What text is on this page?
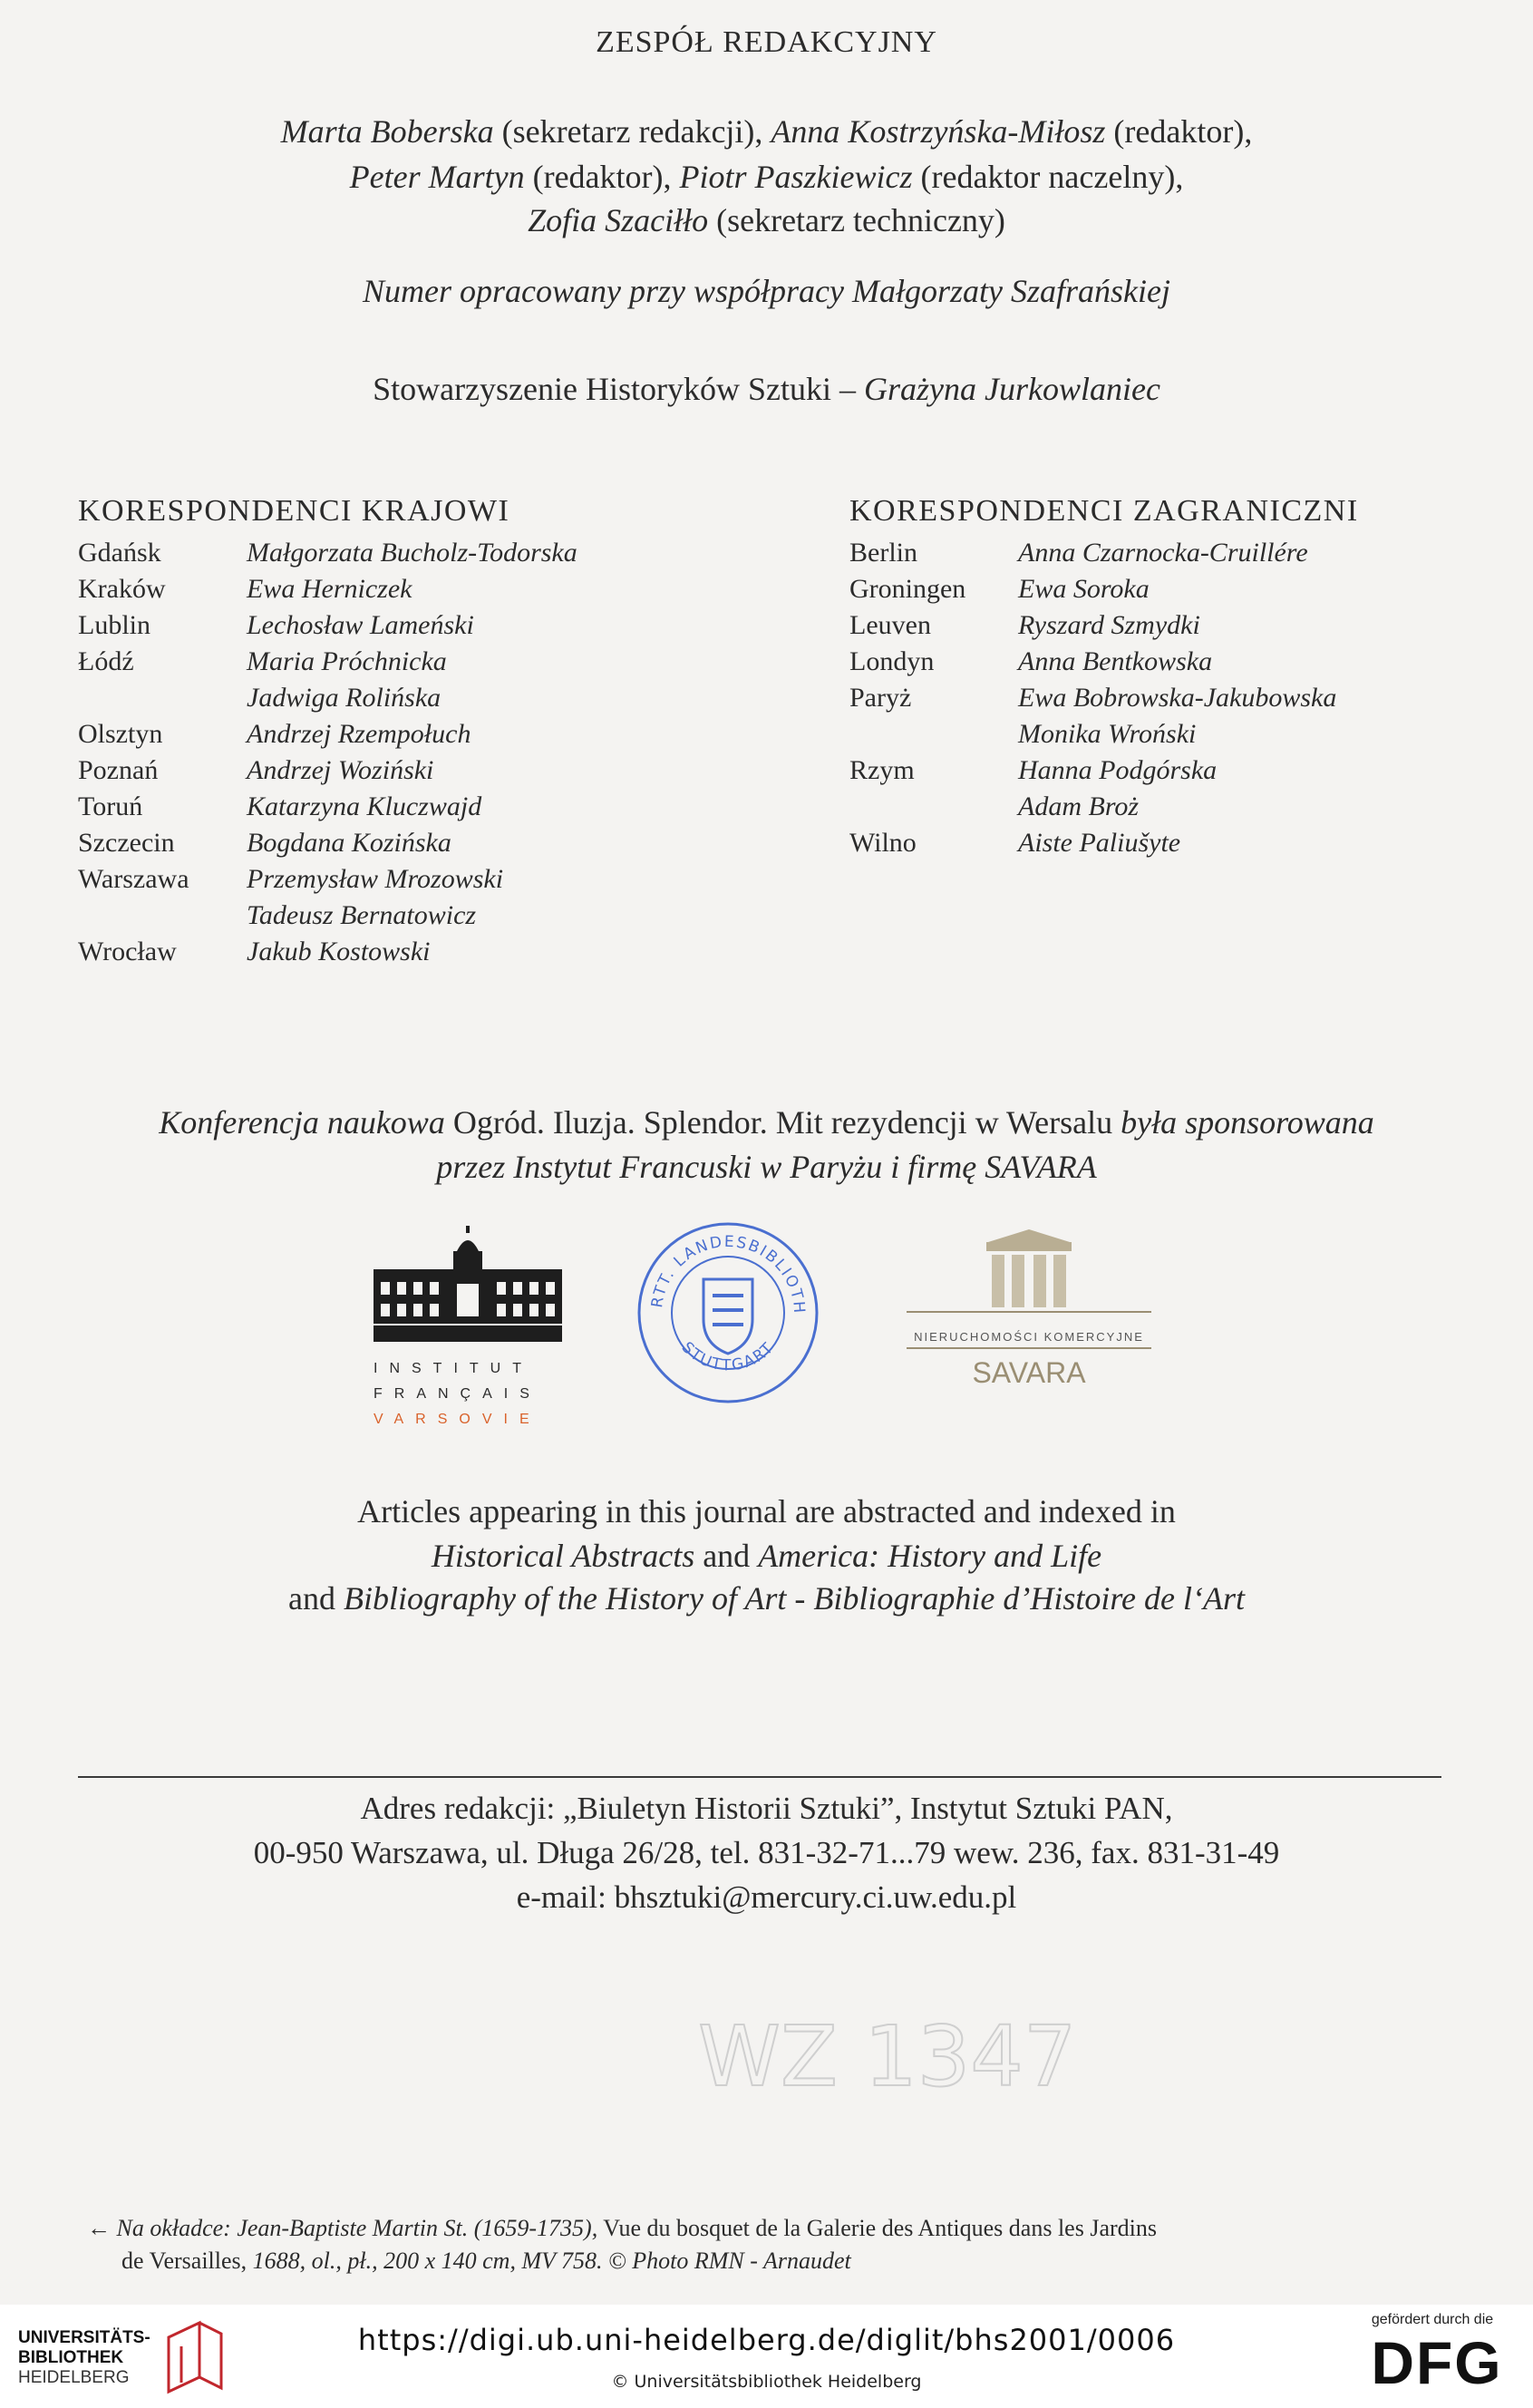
ZESPÓŁ REDAKCYJNY
Marta Boberska (sekretarz redakcji), Anna Kostrzyńska-Miłosz (redaktor),
Peter Martyn (redaktor), Piotr Paszkiewicz (redaktor naczelny),
Zofia Szaciłło (sekretarz techniczny)
Numer opracowany przy współpracy Małgorzaty Szafrańskiej
Stowarzyszenie Historyków Sztuki – Grażyna Jurkowlaniec
KORESPONDENCI KRAJOWI
Gdańsk	Małgorzata Bucholz-Todorska
Kraków	Ewa Herniczek
Lublin	Lechosław Lameński
Łódź	Maria Próchnicka
Jadwiga Rolińska
Olsztyn	Andrzej Rzempołuch
Poznań	Andrzej Woziński
Toruń	Katarzyna Kluczwajd
Szczecin	Bogdana Kozińska
Warszawa Przemysław Mrozowski
Tadeusz Bernatowicz
Wrocław	Jakub Kostowski
KORESPONDENCI ZAGRANICZNI
Berlin	Anna Czarnocka-Cruillére
Groningen Ewa Soroka
Leuven	Ryszard Szmydki
Londyn	Anna Bentkowska
Paryż	Ewa Bobrowska-Jakubowska
Monika Wroński
Rzym	Hanna Podgórska
Adam Broż
Wilno	Aiste Paliušyte
Konferencja naukowa Ogród. Iluzja. Splendor. Mit rezydencji w Wersalu była sponsorowana
przez Instytut Francuski w Paryżu i firmę SAVARA
INSTITUT
FRANÇAIS
VARSOVIE
RTT. LANDESBIBLIOTH
STUTTGART
NIERUCHOMOŚCI KOMERCYJNE
SAVARA
Articles appearing in this journal are abstracted and indexed in
Historical Abstracts and America: History and Life
and Bibliography of the History of Art - Bibliographie d’Histoire de l‘Art
Adres redakcji: „Biuletyn Historii Sztuki”, Instytut Sztuki PAN,
00-950 Warszawa, ul. Długa 26/28, tel. 831-32-71...79 wew. 236, fax. 831-31-49
e-mail: bhsztuki@mercury.ci.uw.edu.pl
WZ 1347
← Na okładce: Jean-Baptiste Martin St. (1659-1735), Vue du bosquet de la Galerie des Antiques dans les Jardins
de Versailles, 1688, ol., pł., 200 x 140 cm, MV 758. © Photo RMN - Arnaudet
UNIVERSITÄTS-
BIBLIOTHEK
HEIDELBERG
https://digi.ub.uni-heidelberg.de/diglit/bhs2001/0006
© Universitätsbibliothek Heidelberg
gefördert durch die
DFG
